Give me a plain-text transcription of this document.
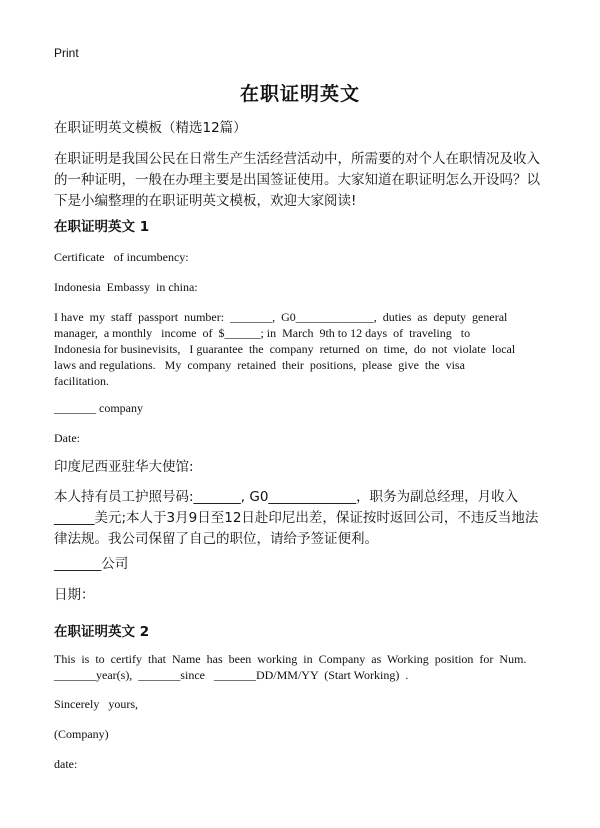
Print
在职证明英文
在职证明英文模板（精选12篇）
在职证明是我国公民在日常生产生活经营活动中，所需要的对个人在职情况及收入
的一种证明，一般在办理主要是出国签证使用。大家知道在职证明怎么开设吗？以
下是小编整理的在职证明英文模板，欢迎大家阅读!
在职证明英文 1
Certificate   of incumbency:
Indonesia  Embassy  in china:
I have  my  staff  passport  number:  _______,  G0_____________,  duties  as  deputy  general
manager,  a monthly   income  of  $______; in  March  9th to 12 days  of  traveling   to
Indonesia for businevisits,   I guarantee  the  company  returned  on  time,  do  not  violate  local
laws and regulations.   My  company  retained  their  positions,  please  give  the  visa
facilitation.
_______ company
Date:
印度尼西亚驻华大使馆:
本人持有员工护照号码:_______, G0_____________，职务为副总经理，月收入
______美元;本人于3月9日至12日赴印尼出差，保证按时返回公司，不违反当地法
律法规。我公司保留了自己的职位，请给予签证便利。
_______公司
日期：
在职证明英文 2
This  is  to  certify  that  Name  has  been  working  in  Company  as  Working  position  for  Num.
_______year(s),  _______since   _______DD/MM/YY  (Start Working)  .
Sincerely   yours,
(Company)
date:
